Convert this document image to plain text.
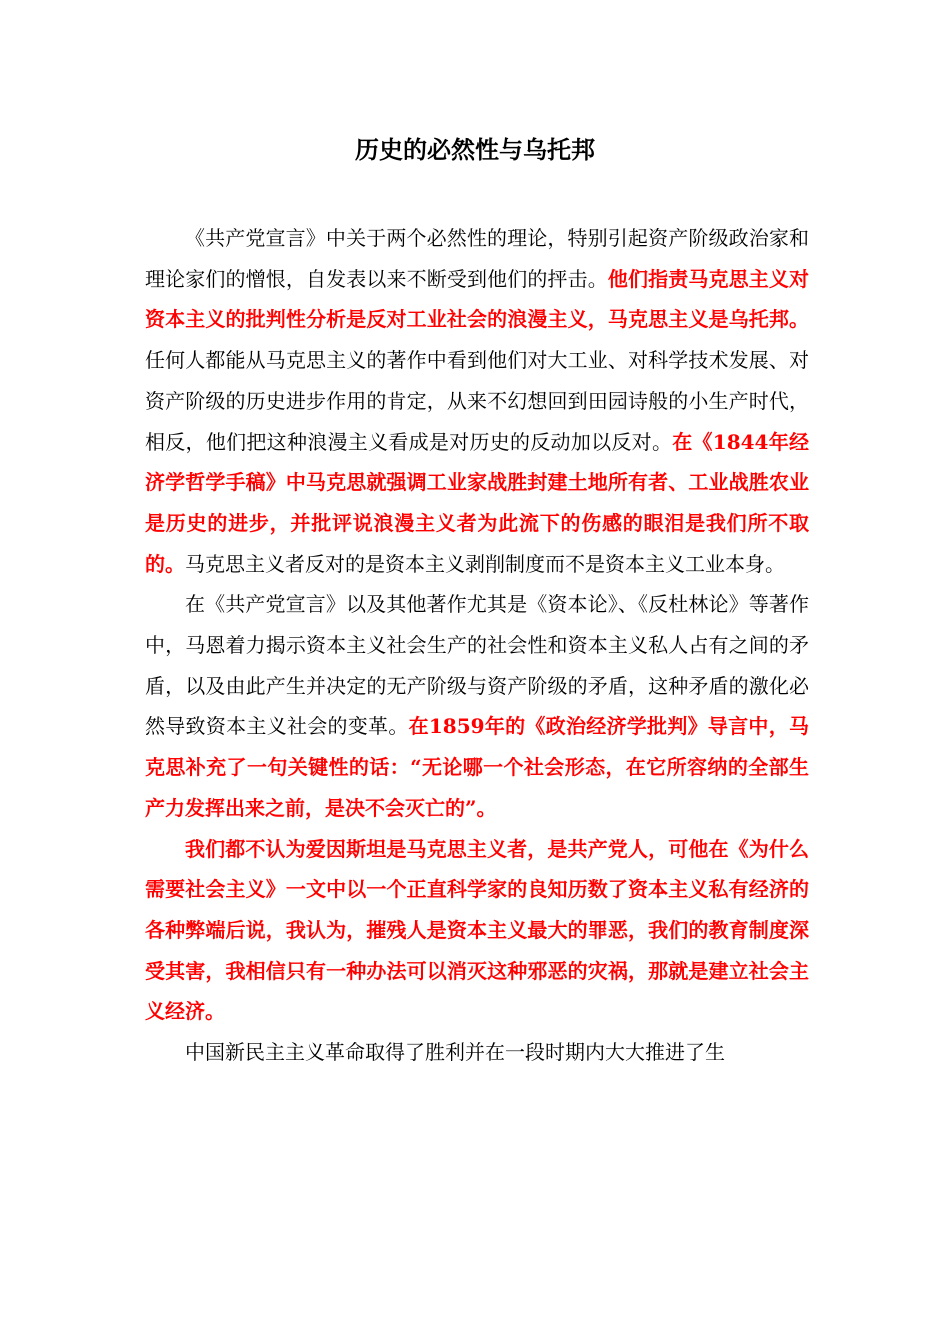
历史的必然性与乌托邦

《共产党宣言》中关于两个必然性的理论，特别引起资产阶级政治家和理论家们的憎恨，自发表以来不断受到他们的抨击。他们指责马克思主义对资本主义的批判性分析是反对工业社会的浪漫主义，马克思主义是乌托邦。任何人都能从马克思主义的著作中看到他们对大工业、对科学技术发展、对资产阶级的历史进步作用的肯定，从来不幻想回到田园诗般的小生产时代，相反，他们把这种浪漫主义看成是对历史的反动加以反对。在《1844年经济学哲学手稿》中马克思就强调工业家战胜封建土地所有者、工业战胜农业是历史的进步，并批评说浪漫主义者为此流下的伤感的眼泪是我们所不取的。马克思主义者反对的是资本主义剥削制度而不是资本主义工业本身。

在《共产党宣言》以及其他著作尤其是《资本论》、《反杜林论》等著作中，马恩着力揭示资本主义社会生产的社会性和资本主义私人占有之间的矛盾，以及由此产生并决定的无产阶级与资产阶级的矛盾，这种矛盾的激化必然导致资本主义社会的变革。在1859年的《政治经济学批判》导言中，马克思补充了一句关键性的话：“无论哪一个社会形态，在它所容纳的全部生产力发挥出来之前，是决不会灭亡的”。

我们都不认为爱因斯坦是马克思主义者，是共产党人，可他在《为什么需要社会主义》一文中以一个正直科学家的良知历数了资本主义私有经济的各种弊端后说，我认为，摧残人是资本主义最大的罪恶，我们的教育制度深受其害，我相信只有一种办法可以消灭这种邪恶的灾祸，那就是建立社会主义经济。

中国新民主主义革命取得了胜利并在一段时期内大大推进了生
